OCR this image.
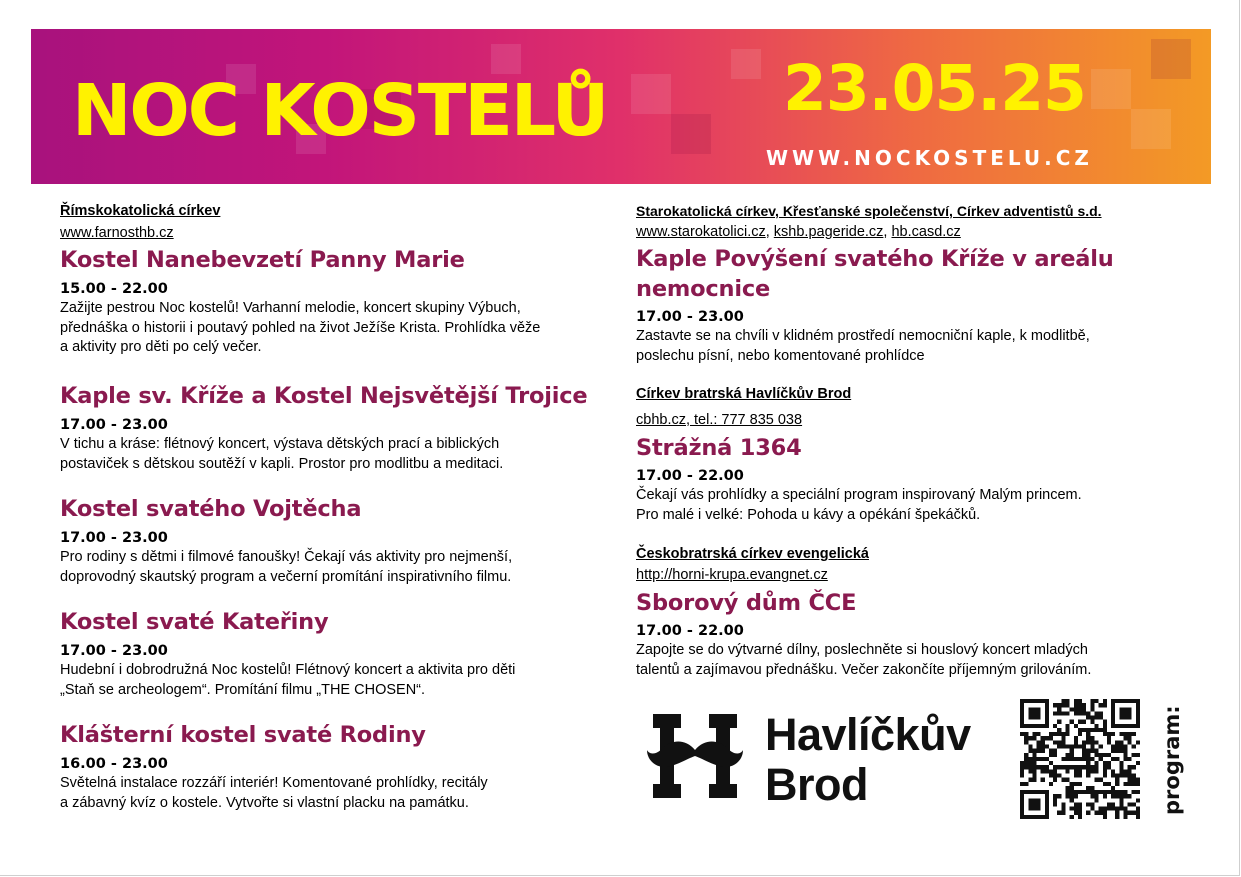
NOC KOSTELŮ	23.05.25
WWW.NOCKOSTELU.CZ
Římskokatolická církev
www.farnosthb.cz
Kostel Nanebevzetí Panny Marie
15.00 - 22.00
Zažijte pestrou Noc kostelů! Varhanní melodie, koncert skupiny Výbuch,
přednáška o historii i poutavý pohled na život Ježíše Krista. Prohlídka věže
a aktivity pro děti po celý večer.
Kaple sv. Kříže a Kostel Nejsvětější Trojice
17.00 - 23.00
V tichu a kráse: flétnový koncert, výstava dětských prací a biblických
postaviček s dětskou soutěží v kapli. Prostor pro modlitbu a meditaci.
Kostel svatého Vojtěcha
17.00 - 23.00
Pro rodiny s dětmi i filmové fanoušky! Čekají vás aktivity pro nejmenší,
doprovodný skautský program a večerní promítání inspirativního filmu.
Kostel svaté Kateřiny
17.00 - 23.00
Hudební i dobrodružná Noc kostelů! Flétnový koncert a aktivita pro děti
„Staň se archeologem“. Promítání filmu „THE CHOSEN“.
Klášterní kostel svaté Rodiny
16.00 - 23.00
Světelná instalace rozzáří interiér! Komentované prohlídky, recitály
a zábavný kvíz o kostele. Vytvořte si vlastní placku na památku.
Starokatolická církev, Křesťanské společenství, Církev adventistů s.d.
www.starokatolici.cz, kshb.pageride.cz, hb.casd.cz
Kaple Povýšení svatého Kříže v areálu
nemocnice
17.00 - 23.00
Zastavte se na chvíli v klidném prostředí nemocniční kaple, k modlitbě,
poslechu písní, nebo komentované prohlídce
Církev bratrská Havlíčkův Brod
cbhb.cz, tel.: 777 835 038
Strážná 1364
17.00 - 22.00
Čekají vás prohlídky a speciální program inspirovaný Malým princem.
Pro malé i velké: Pohoda u kávy a opékání špekáčků.
Českobratrská církev evengelická
http://horni-krupa.evangnet.cz
Sborový dům ČCE
17.00 - 22.00
Zapojte se do výtvarné dílny, poslechněte si houslový koncert mladých
talentů a zajímavou přednášku. Večer zakončíte příjemným grilováním.
Havlíčkův
Brod	program:
